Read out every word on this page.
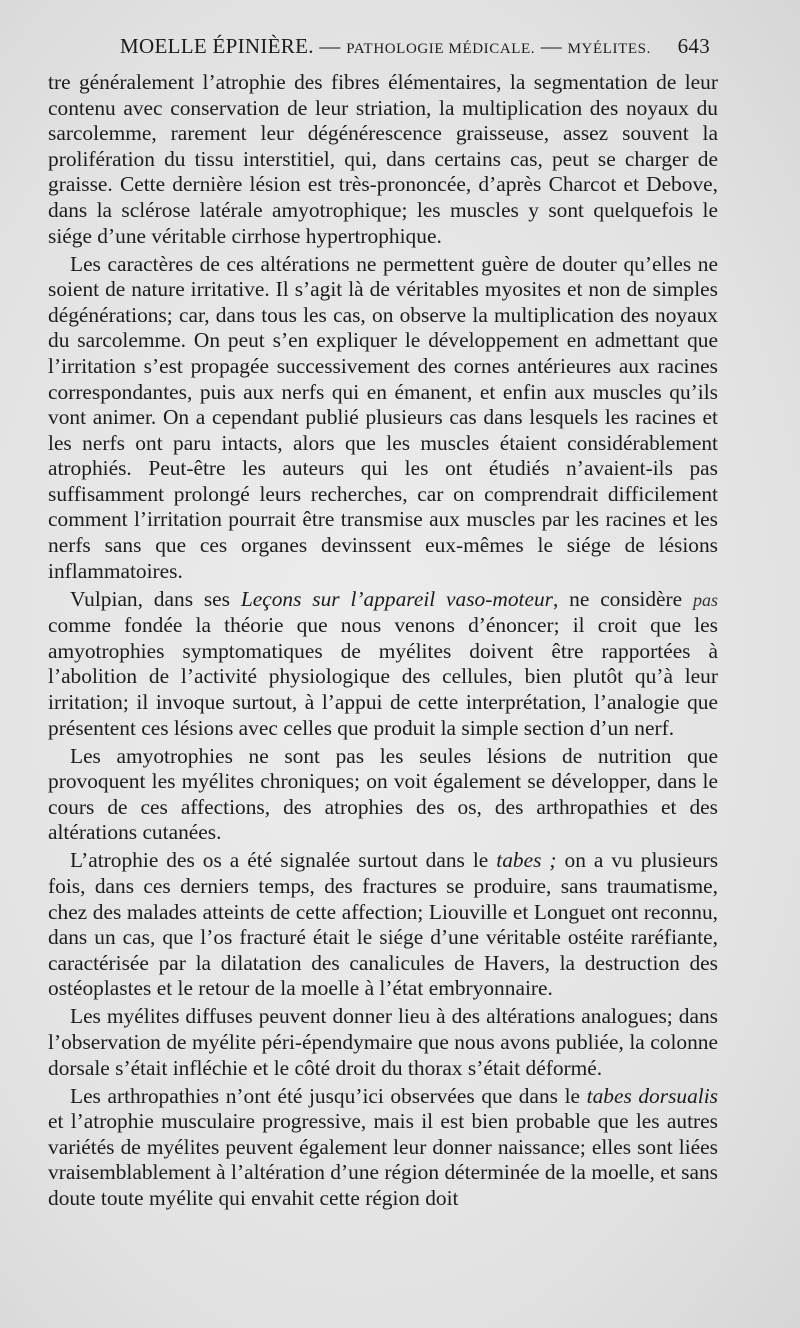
MOELLE ÉPINIÈRE. — PATHOLOGIE MÉDICALE. — MYÉLITES.	643

tre généralement l’atrophie des fibres élémentaires, la segmentation de leur contenu avec conservation de leur striation, la multiplication des noyaux du sarcolemme, rarement leur dégénérescence graisseuse, assez souvent la prolifération du tissu interstitiel, qui, dans certains cas, peut se charger de graisse. Cette dernière lésion est très-prononcée, d’après Charcot et Debove, dans la sclérose latérale amyotrophique; les muscles y sont quelquefois le siége d’une véritable cirrhose hypertrophique.

Les caractères de ces altérations ne permettent guère de douter qu’elles ne soient de nature irritative. Il s’agit là de véritables myosites et non de simples dégénérations; car, dans tous les cas, on observe la multiplication des noyaux du sarcolemme. On peut s’en expliquer le développement en admettant que l’irritation s’est propagée successivement des cornes antérieures aux racines correspondantes, puis aux nerfs qui en émanent, et enfin aux muscles qu’ils vont animer. On a cependant publié plusieurs cas dans lesquels les racines et les nerfs ont paru intacts, alors que les muscles étaient considérablement atrophiés. Peut-être les auteurs qui les ont étudiés n’avaient-ils pas suffisamment prolongé leurs recherches, car on comprendrait difficilement comment l’irritation pourrait être transmise aux muscles par les racines et les nerfs sans que ces organes devinssent eux-mêmes le siége de lésions inflammatoires.

Vulpian, dans ses Leçons sur l’appareil vaso-moteur, ne considère pas comme fondée la théorie que nous venons d’énoncer; il croit que les amyotrophies symptomatiques de myélites doivent être rapportées à l’abolition de l’activité physiologique des cellules, bien plutôt qu’à leur irritation; il invoque surtout, à l’appui de cette interprétation, l’analogie que présentent ces lésions avec celles que produit la simple section d’un nerf.

Les amyotrophies ne sont pas les seules lésions de nutrition que provoquent les myélites chroniques; on voit également se développer, dans le cours de ces affections, des atrophies des os, des arthropathies et des altérations cutanées.

L’atrophie des os a été signalée surtout dans le tabes ; on a vu plusieurs fois, dans ces derniers temps, des fractures se produire, sans traumatisme, chez des malades atteints de cette affection; Liouville et Longuet ont reconnu, dans un cas, que l’os fracturé était le siége d’une véritable ostéite raréfiante, caractérisée par la dilatation des canalicules de Havers, la destruction des ostéoplastes et le retour de la moelle à l’état embryonnaire.

Les myélites diffuses peuvent donner lieu à des altérations analogues; dans l’observation de myélite péri-épendymaire que nous avons publiée, la colonne dorsale s’était infléchie et le côté droit du thorax s’était déformé.

Les arthropathies n’ont été jusqu’ici observées que dans le tabes dorsualis et l’atrophie musculaire progressive, mais il est bien probable que les autres variétés de myélites peuvent également leur donner naissance; elles sont liées vraisemblablement à l’altération d’une région déterminée de la moelle, et sans doute toute myélite qui envahit cette région doit
